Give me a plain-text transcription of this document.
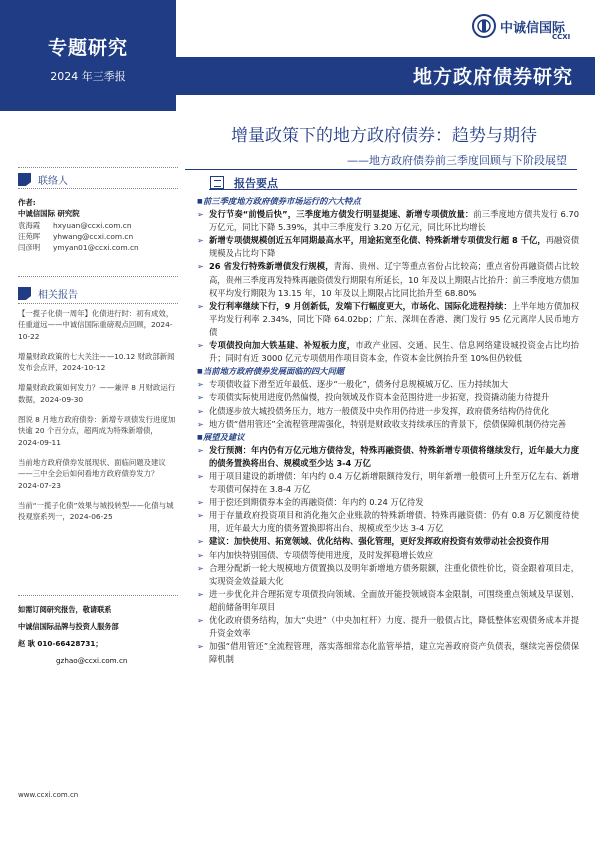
专题研究
2024 年三季报
中诚信国际
CCXI
地方政府债券研究
增量政策下的地方政府债券：趋势与期待
——地方政府债券前三季度回顾与下阶段展望
联络人
作者:
中诚信国际 研究院
袁海霞	hxyuan@ccxi.com.cn
汪苑晖	yhwang@ccxi.com.cn
闫彦明	ymyan01@ccxi.com.cn
相关报告
【一揽子化债一周年】化债进行时：初有成效，任重道远——中诚信国际重磅观点回顾，2024-10-22
增量财政政策的七大关注——10.12 财政部新闻发布会点评，2024-10-12
增量财政政策如何发力？——兼评 8 月财政运行数据，2024-09-30
图说 8 月地方政府债券：新增专项债发行进度加快逾 20 个百分点，超两成为特殊新增债，2024-09-11
当前地方政府债券发展现状、面临问题及建议——三中全会后如何看地方政府债券发力？2024-07-23
当前“一揽子化债”效果与城投转型——化债与城投观察系列一，2024-06-25
如需订阅研究报告，敬请联系
中诚信国际品牌与投资人服务部
赵 耿 010-66428731；
gzhao@ccxi.com.cn
www.ccxi.com.cn
报告要点
■ 前三季度地方政府债券市场运行的六大特点
➢ 发行节奏“前慢后快”，三季度地方债发行明显提速、新增专项债放量：前三季度地方债共发行 6.70 万亿元，同比下降 5.39%，其中三季度发行 3.20 万亿元，同比环比均增长
➢ 新增专项债规模创近五年同期最高水平，用途拓宽至化债、特殊新增专项债发行超 8 千亿，再融资债规模及占比均下降
➢ 26 省发行特殊新增债发行规模，青海、贵州、辽宁等重点省份占比较高；重点省份再融资债占比较高，贵州三季度再发特殊再融资债发行期限有所延长，10 年及以上期限占比抬升：前三季度地方债加权平均发行期限为 13.15 年，10 年及以上期限占比同比抬升至 68.80%
➢ 发行利率继续下行，9 月创新低，发端下行幅度更大，市场化、国际化进程持续：上半年地方债加权平均发行利率 2.34%，同比下降 64.02bp；广东、深圳在香港、澳门发行 95 亿元离岸人民币地方债
➢ 专项债投向加大铁基建、补短板力度，市政产业园、交通、民生、信息网络建设城投资金占比均抬升；同时有近 3000 亿元专项债用作项目资本金，作资本金比例抬升至 10%但仍较低
■ 当前地方政府债券发展面临的四大问题
➢ 专项债收益下滑至近年最低、逐步“一般化”，债务付息规模城万亿、压力持续加大
➢ 专项债实际使用进度仍然偏慢，投向领域及作资本金范围待进一步拓宽，投资撬动能力待提升
➢ 化债逐步放大城投债务压力，地方一般债及中央作用仍待进一步发挥，政府债务结构仍待优化
➢ 地方债“借用管还”全流程管理需强化，特别是财政收支持续承压的背景下，偿债保障机制仍待完善
■ 展望及建议
➢ 发行预测：年内仍有万亿元地方债待发，特殊再融资债、特殊新增专项债将继续发行，近年最大力度的债务置换将出台、规模或至少达 3-4 万亿
➢ 用于项目建设的新增债：年内约 0.4 万亿新增限额待发行，明年新增一般债可上升至万亿左右、新增专项债可保持在 3.8-4 万亿
➢ 用于偿还到期债券本金的再融资债：年内约 0.24 万亿待发
➢ 用于存量政府投资项目和消化拖欠企业账款的特殊新增债、特殊再融资债：仍有 0.8 万亿额度待使用，近年最大力度的债务置换即将出台、规模或至少达 3-4 万亿
➢ 建议：加快使用、拓宽领域、优化结构、强化管理，更好发挥政府投资有效带动社会投资作用
➢ 年内加快特别国债、专项债等使用进度，及时发挥稳增长效应
➢ 合理分配新一轮大规模地方债置换以及明年新增地方债务限额，注重化债性价比，资金跟着项目走，实现资金效益最大化
➢ 进一步优化并合理拓宽专项债投向领域、全面放开能投领域资本金限制，可围绕重点领域及早谋划、超前储备明年项目
➢ 优化政府债务结构，加大“央进”（中央加杠杆）力度、提升一般债占比，降低整体宏观债务成本并提升资金效率
➢ 加强“借用管还”全流程管理，落实落细常态化监管举措，建立完善政府资产负债表，继续完善偿债保障机制
